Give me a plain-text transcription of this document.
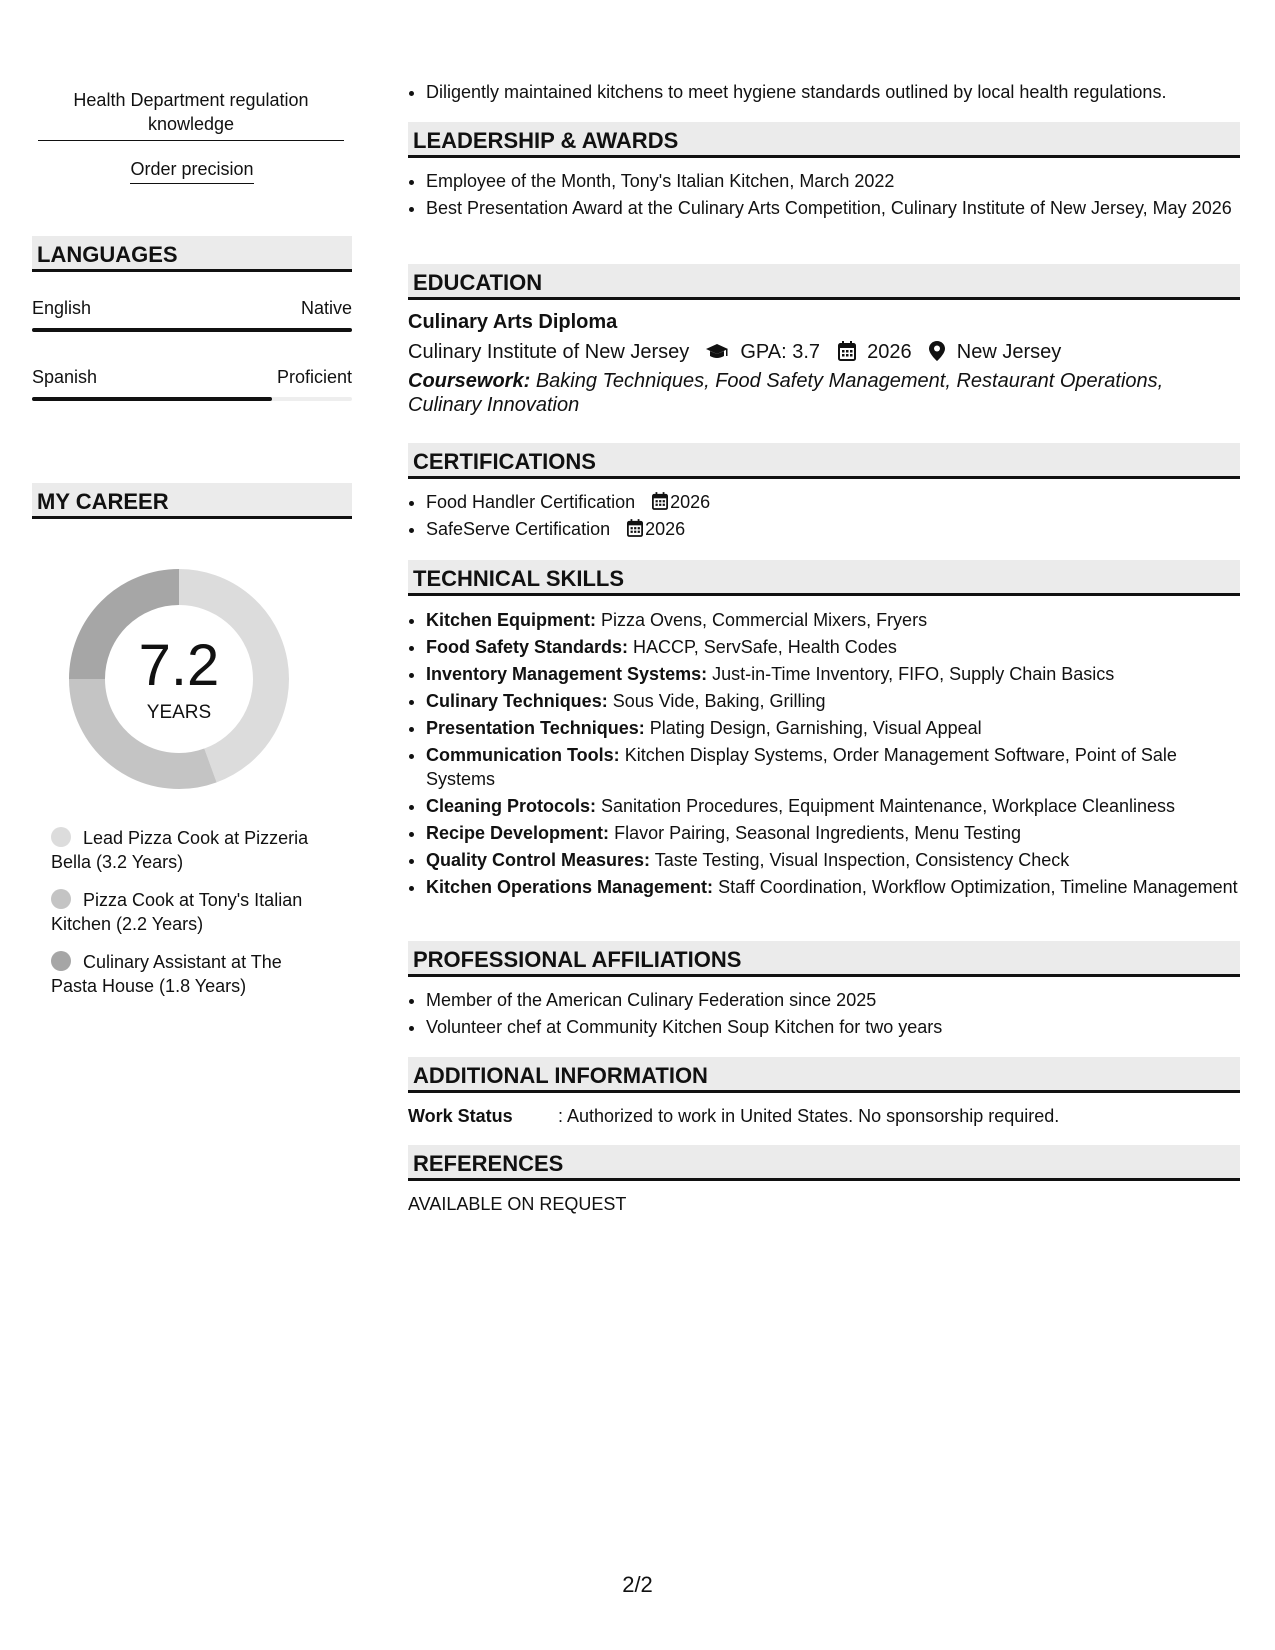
Health Department regulation knowledge
Order precision
LANGUAGES
English	Native
Spanish	Proficient
MY CAREER
7.2
YEARS
Lead Pizza Cook at Pizzeria Bella (3.2 Years)
Pizza Cook at Tony's Italian Kitchen (2.2 Years)
Culinary Assistant at The Pasta House (1.8 Years)
• Diligently maintained kitchens to meet hygiene standards outlined by local health regulations.
LEADERSHIP & AWARDS
• Employee of the Month, Tony's Italian Kitchen, March 2022
• Best Presentation Award at the Culinary Arts Competition, Culinary Institute of New Jersey, May 2026
EDUCATION
Culinary Arts Diploma
Culinary Institute of New Jersey	GPA: 3.7 2026 New Jersey
Coursework: Baking Techniques, Food Safety Management, Restaurant Operations, Culinary Innovation
CERTIFICATIONS
• Food Handler Certification 2026
• SafeServe Certification 2026
TECHNICAL SKILLS
• Kitchen Equipment: Pizza Ovens, Commercial Mixers, Fryers
• Food Safety Standards: HACCP, ServSafe, Health Codes
• Inventory Management Systems: Just-in-Time Inventory, FIFO, Supply Chain Basics
• Culinary Techniques: Sous Vide, Baking, Grilling
• Presentation Techniques: Plating Design, Garnishing, Visual Appeal
• Communication Tools: Kitchen Display Systems, Order Management Software, Point of Sale Systems
• Cleaning Protocols: Sanitation Procedures, Equipment Maintenance, Workplace Cleanliness
• Recipe Development: Flavor Pairing, Seasonal Ingredients, Menu Testing
• Quality Control Measures: Taste Testing, Visual Inspection, Consistency Check
• Kitchen Operations Management: Staff Coordination, Workflow Optimization, Timeline Management
PROFESSIONAL AFFILIATIONS
• Member of the American Culinary Federation since 2025
• Volunteer chef at Community Kitchen Soup Kitchen for two years
ADDITIONAL INFORMATION
Work Status	: Authorized to work in United States. No sponsorship required.
REFERENCES
AVAILABLE ON REQUEST
2/2
